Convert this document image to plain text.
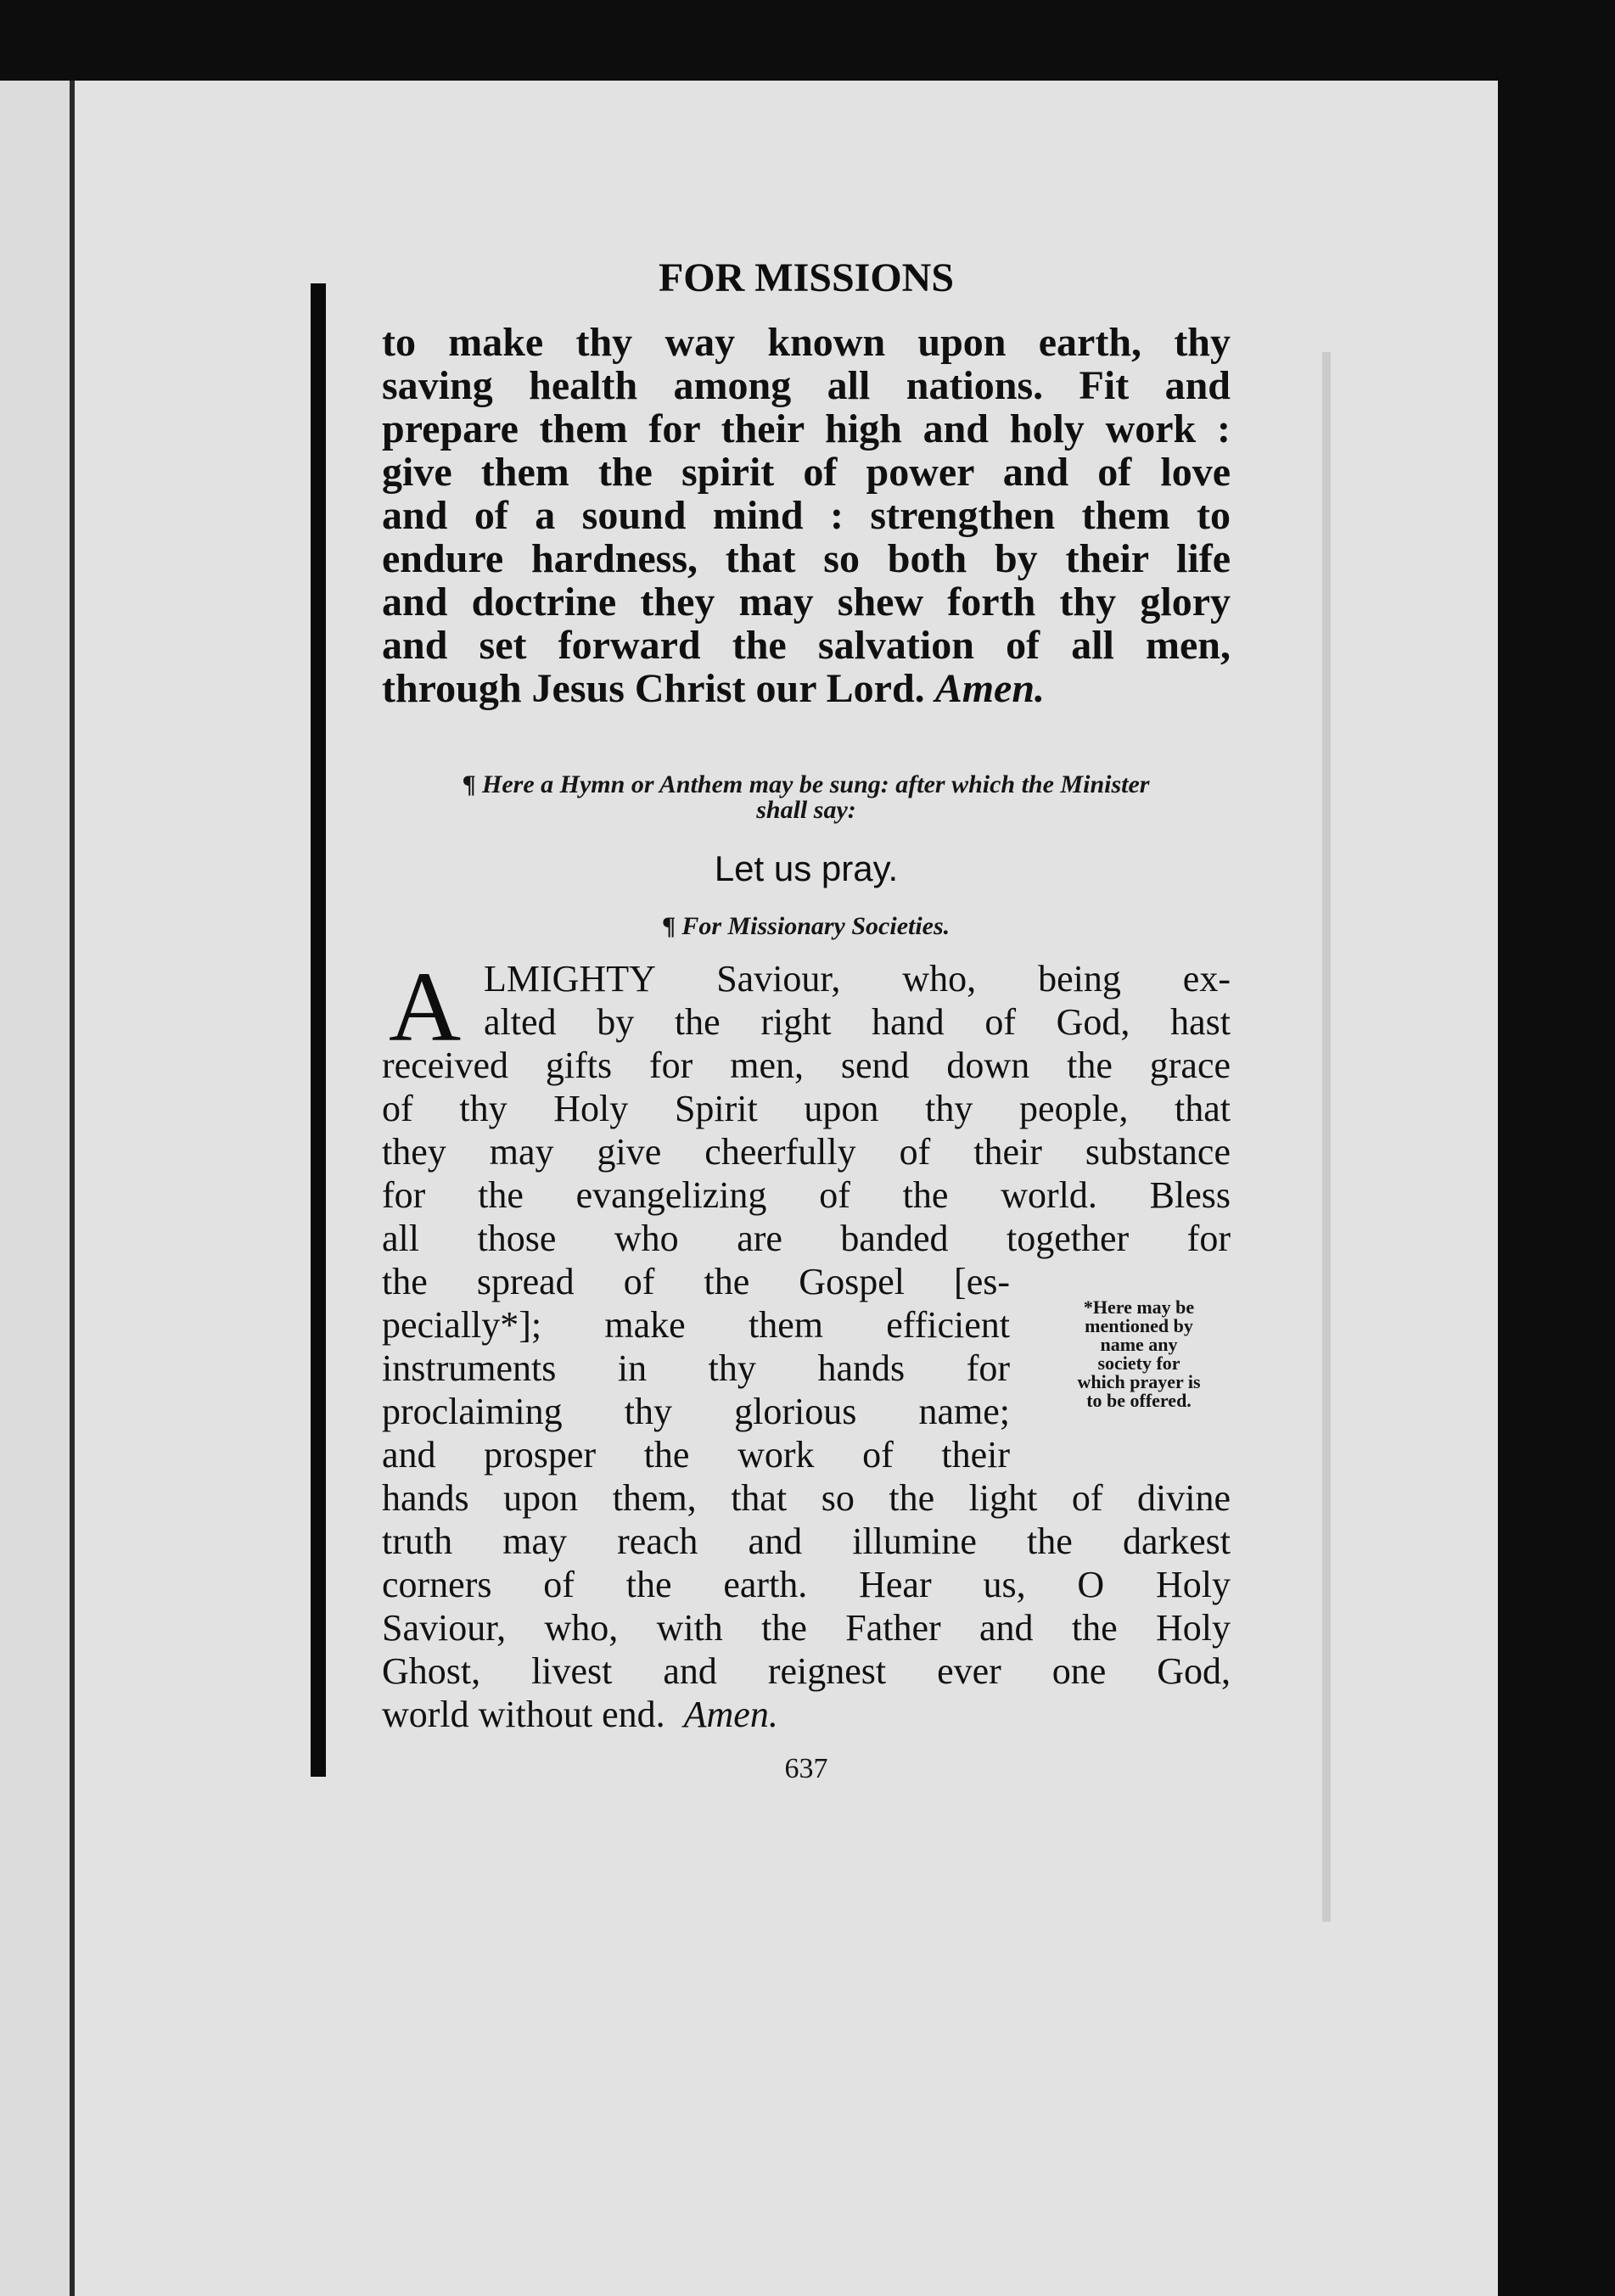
FOR MISSIONS
to make thy way known upon earth, thy
saving health among all nations. Fit and
prepare them for their high and holy work :
give them the spirit of power and of love
and of a sound mind : strengthen them to
endure hardness, that so both by their life
and doctrine they may shew forth thy glory
and set forward the salvation of all men,
through Jesus Christ our Lord. Amen.
¶ Here a Hymn or Anthem may be sung: after which the Minister
shall say:
Let us pray.
¶ For Missionary Societies.
A LMIGHTY Saviour, who, being ex-
alted by the right hand of God, hast
received gifts for men, send down the grace
of thy Holy Spirit upon thy people, that
they may give cheerfully of their substance
for the evangelizing of the world. Bless
all those who are banded together for
the spread of the Gospel [es-
pecially*]; make them efficient
instruments in thy hands for
proclaiming thy glorious name;
and prosper the work of their
hands upon them, that so the light of divine
truth may reach and illumine the darkest
corners of the earth. Hear us, O Holy
Saviour, who, with the Father and the Holy
Ghost, livest and reignest ever one God,
world without end. Amen.
*Here may be
mentioned by
name any
society for
which prayer is
to be offered.
637
